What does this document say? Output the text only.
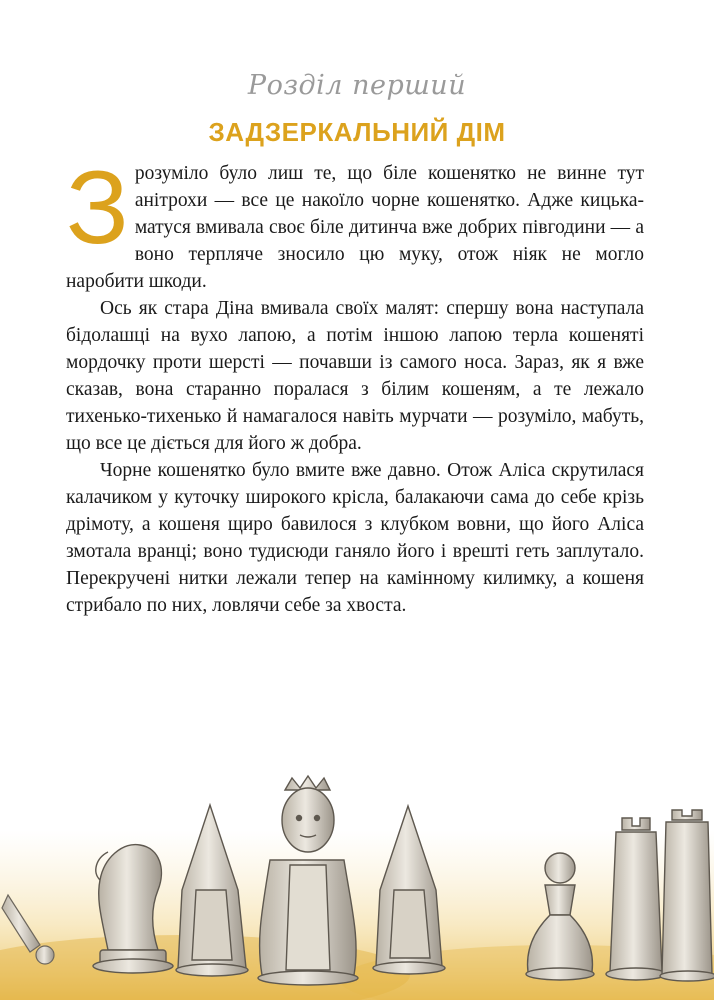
Розділ перший
ЗАДЗЕРКАЛЬНИЙ ДІМ

Зрозуміло було лиш те, що біле кошенятко не винне тут анітрохи — все це накоїло чорне кошенятко. Адже кицька-матуся вмивала своє біле дитинча вже добрих півгодини — а воно терпляче зносило цю муку, отож ніяк не могло наробити шкоди.

Ось як стара Діна вмивала своїх малят: спершу вона наступала бідолашці на вухо лапою, а потім іншою лапою терла кошеняті мордочку проти шерсті — почавши із самого носа. Зараз, як я вже сказав, вона старанно поралася з білим кошеням, а те лежало тихенько-тихенько й намагалося навіть мурчати — розуміло, мабуть, що все це діється для його ж добра.

Чорне кошенятко було вмите вже давно. Отож Аліса скрутилася калачиком у куточку широкого крісла, балакаючи сама до себе крізь дрімоту, а кошеня щиро бавилося з клубком вовни, що його Аліса змотала вранці; воно тудисюди ганяло його і врешті геть заплутало. Перекручені нитки лежали тепер на камінному килимку, а кошеня стрибало по них, ловлячи себе за хвоста.
